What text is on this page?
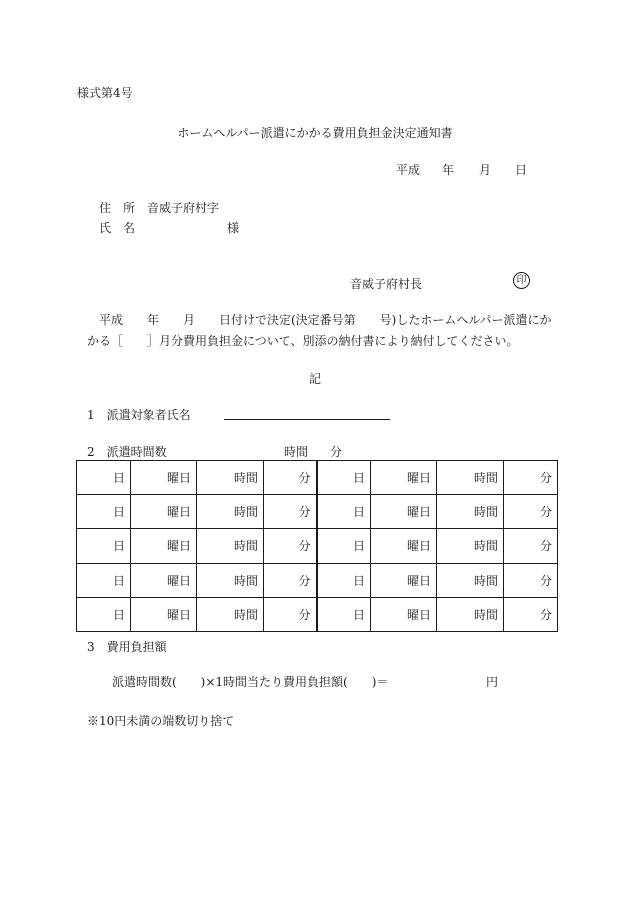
様式第4号
ホームヘルパー派遣にかかる費用負担金決定通知書
平成 年 月 日
住　所 音威子府村字
氏　名	様
音威子府村長	印
平成　　年　　月　　日付けで決定(決定番号第　　号)したホームヘルパー派遣にか
かる［　　］月分費用負担金について、別添の納付書により納付してください。
記
1　派遣対象者氏名
2　派遣時間数	時間 分
日	曜日	時間	分	日	曜日	時間	分
日	曜日	時間	分	日	曜日	時間	分
日	曜日	時間	分	日	曜日	時間	分
日	曜日	時間	分	日	曜日	時間	分
日	曜日	時間	分	日	曜日	時間	分
3　費用負担額
派遣時間数(　　)×1時間当たり費用負担額(　　)＝	円
※10円未満の端数切り捨て
